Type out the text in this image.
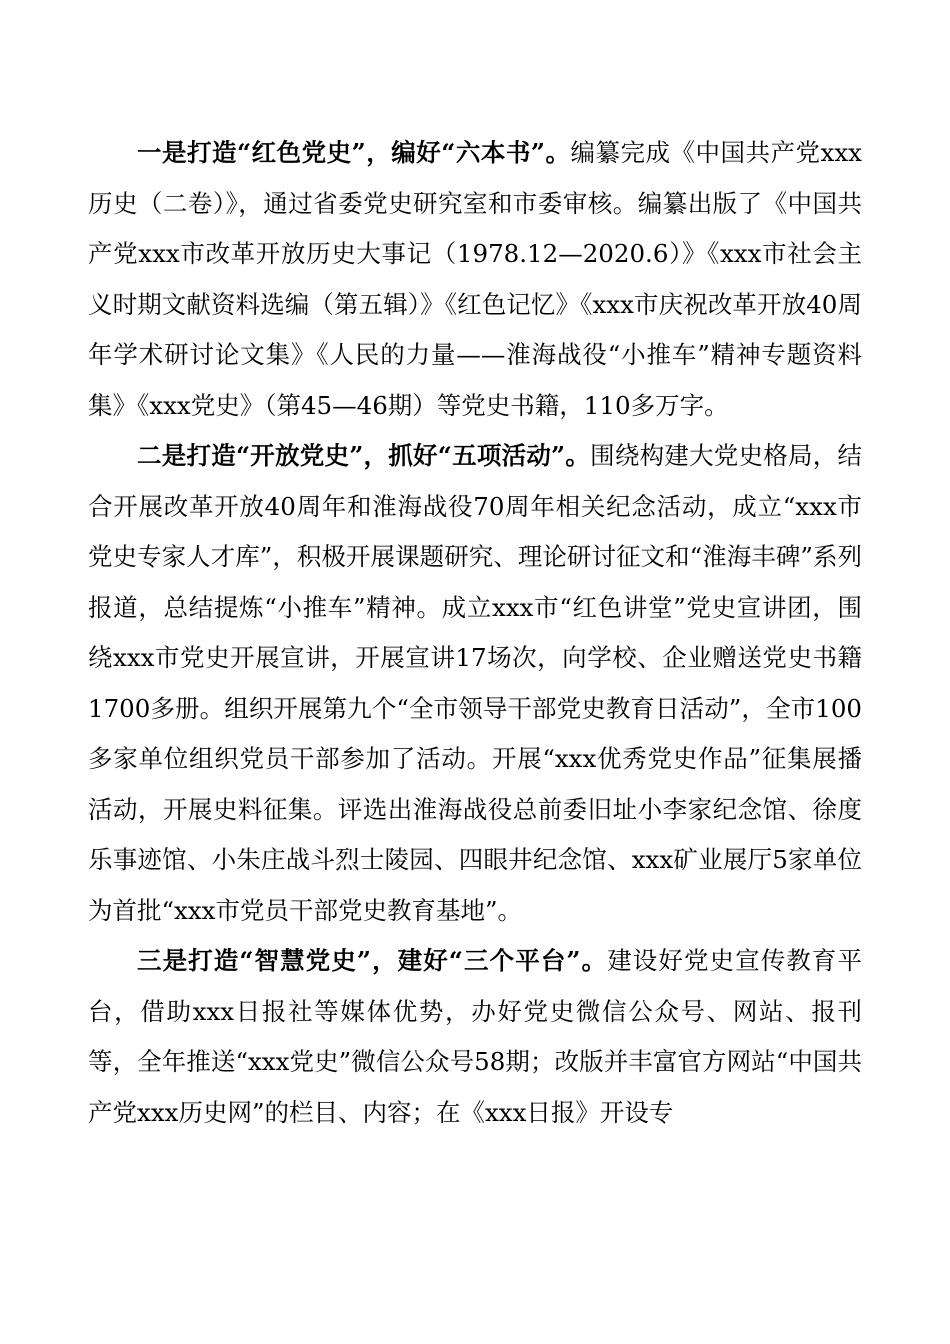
一是打造“红色党史”，编好“六本书”。编纂完成《中国共产党xxx历史（二卷）》，通过省委党史研究室和市委审核。编纂出版了《中国共产党xxx市改革开放历史大事记（1978.12—2020.6）》《xxx市社会主义时期文献资料选编（第五辑）》《红色记忆》《xxx市庆祝改革开放40周年学术研讨论文集》《人民的力量——淮海战役“小推车”精神专题资料集》《xxx党史》（第45—46期）等党史书籍，110多万字。

二是打造“开放党史”，抓好“五项活动”。围绕构建大党史格局，结合开展改革开放40周年和淮海战役70周年相关纪念活动，成立“xxx市党史专家人才库”，积极开展课题研究、理论研讨征文和“淮海丰碑”系列报道，总结提炼“小推车”精神。成立xxx市“红色讲堂”党史宣讲团，围绕xxx市党史开展宣讲，开展宣讲17场次，向学校、企业赠送党史书籍1700多册。组织开展第九个“全市领导干部党史教育日活动”，全市100多家单位组织党员干部参加了活动。开展“xxx优秀党史作品”征集展播活动，开展史料征集。评选出淮海战役总前委旧址小李家纪念馆、徐度乐事迹馆、小朱庄战斗烈士陵园、四眼井纪念馆、xxx矿业展厅5家单位为首批“xxx市党员干部党史教育基地”。

三是打造“智慧党史”，建好“三个平台”。建设好党史宣传教育平台，借助xxx日报社等媒体优势，办好党史微信公众号、网站、报刊等，全年推送“xxx党史”微信公众号58期；改版并丰富官方网站“中国共产党xxx历史网”的栏目、内容；在《xxx日报》开设专
